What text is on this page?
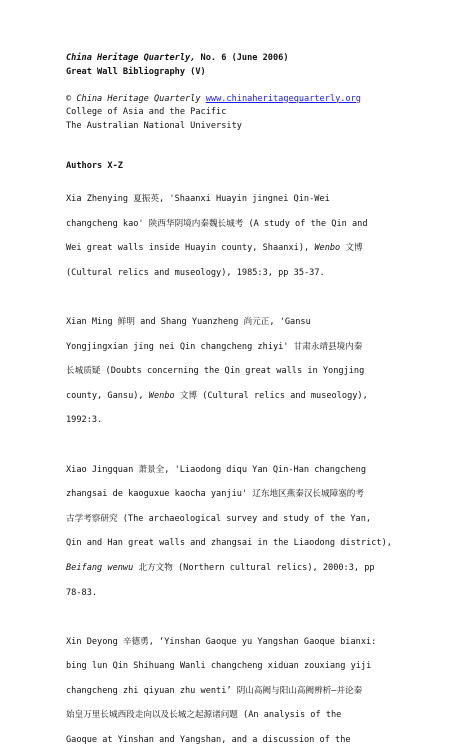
China Heritage Quarterly, No. 6 (June 2006)
Great Wall Bibliography (V)
© China Heritage Quarterly www.chinaheritagequarterly.org
College of Asia and the Pacific
The Australian National University
Authors X-Z
Xia Zhenying 夏振英, 'Shaanxi Huayin jingnei Qin-Wei
changcheng kao' 陕西华阴境内秦魏长城考 (A study of the Qin and
Wei great walls inside Huayin county, Shaanxi), Wenbo 文博
(Cultural relics and museology), 1985:3, pp 35-37.
Xian Ming 鲜明 and Shang Yuanzheng 尚元正, 'Gansu
Yongjingxian jing nei Qin changcheng zhiyi' 甘肃永靖县境内秦
长城质疑 (Doubts concerning the Qin great walls in Yongjing
county, Gansu), Wenbo 文博 (Cultural relics and museology),
1992:3.
Xiao Jingquan 萧景全, 'Liaodong diqu Yan Qin-Han changcheng
zhangsai de kaoguxue kaocha yanjiu' 辽东地区燕秦汉长城障塞的考
古学考察研究 (The archaeological survey and study of the Yan,
Qin and Han great walls and zhangsai in the Liaodong district),
Beifang wenwu 北方文物 (Northern cultural relics), 2000:3, pp
78-83.
Xin Deyong 辛德勇, ‘Yinshan Gaoque yu Yangshan Gaoque bianxi:
bing lun Qin Shihuang Wanli changcheng xiduan zouxiang yiji
changcheng zhi qiyuan zhu wenti’ 阴山高阙与阳山高阙辨析—并论秦
始皇万里长城西段走向以及长城之起源诸问题 (An analysis of the
Gaoque at Yinshan and Yangshan, and a discussion of the
